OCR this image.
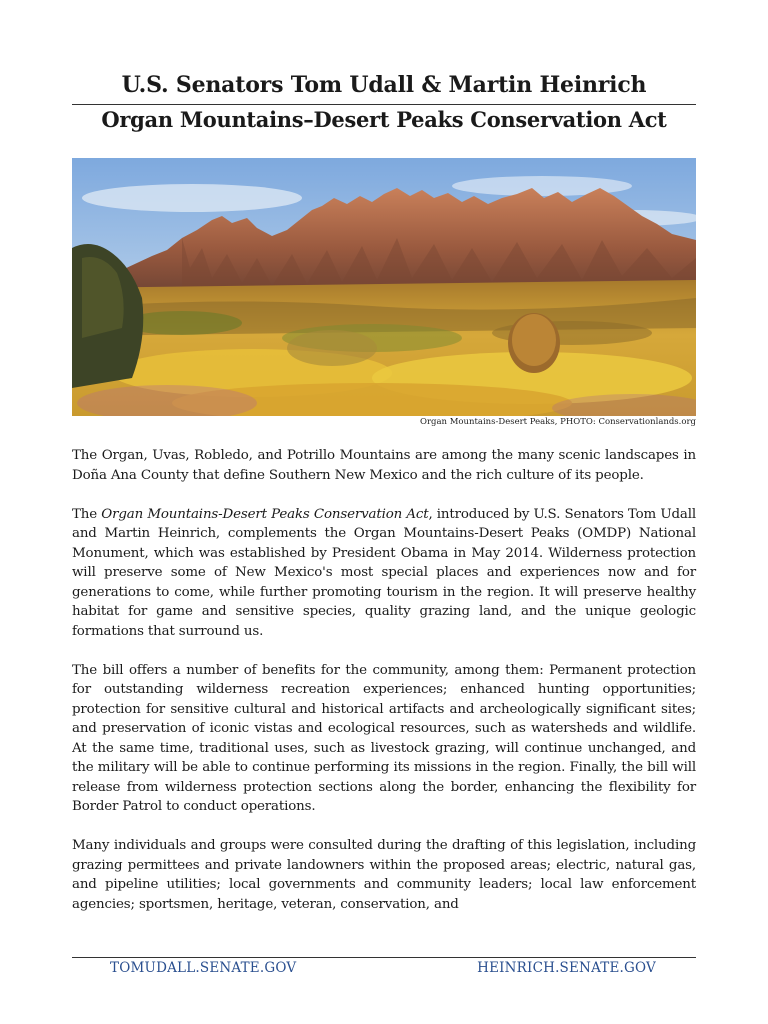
U.S. Senators Tom Udall & Martin Heinrich
Organ Mountains–Desert Peaks Conservation Act
Organ Mountains-Desert Peaks, PHOTO: Conservationlands.org

The Organ, Uvas, Robledo, and Potrillo Mountains are among the many scenic landscapes in Doña Ana County that define Southern New Mexico and the rich culture of its people.

The Organ Mountains-Desert Peaks Conservation Act, introduced by U.S. Senators Tom Udall and Martin Heinrich, complements the Organ Mountains-Desert Peaks (OMDP) National Monument, which was established by President Obama in May 2014. Wilderness protection will preserve some of New Mexico's most special places and experiences now and for generations to come, while further promoting tourism in the region. It will preserve healthy habitat for game and sensitive species, quality grazing land, and the unique geologic formations that surround us.

The bill offers a number of benefits for the community, among them: Permanent protection for outstanding wilderness recreation experiences; enhanced hunting opportunities; protection for sensitive cultural and historical artifacts and archeologically significant sites; and preservation of iconic vistas and ecological resources, such as watersheds and wildlife. At the same time, traditional uses, such as livestock grazing, will continue unchanged, and the military will be able to continue performing its missions in the region. Finally, the bill will release from wilderness protection sections along the border, enhancing the flexibility for Border Patrol to conduct operations.

Many individuals and groups were consulted during the drafting of this legislation, including grazing permittees and private landowners within the proposed areas; electric, natural gas, and pipeline utilities; local governments and community leaders; local law enforcement agencies; sportsmen, heritage, veteran, conservation, and

TOMUDALL.SENATE.GOV	HEINRICH.SENATE.GOV
